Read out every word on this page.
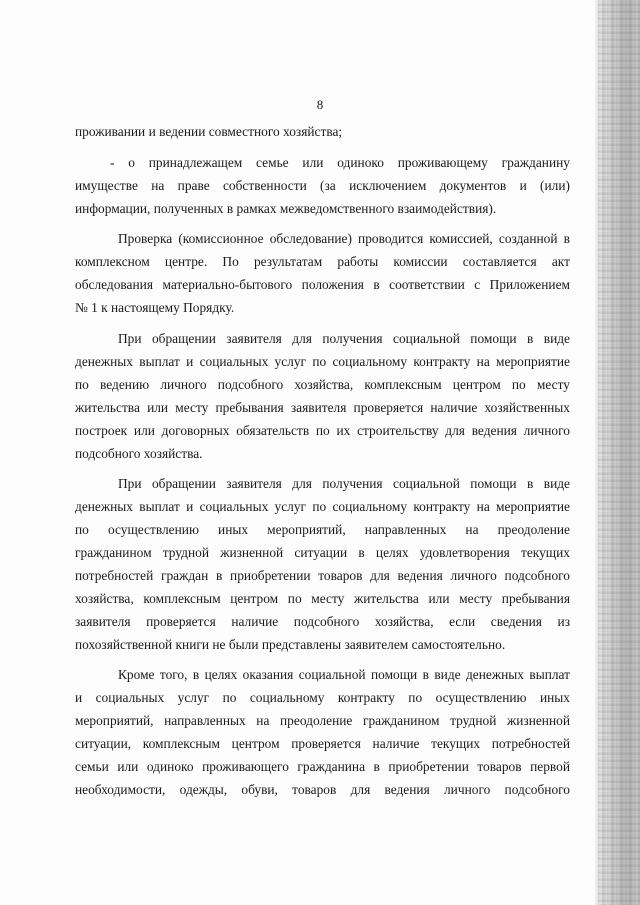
8
проживании и ведении совместного хозяйства;
- о принадлежащем семье или одиноко проживающему гражданину
имуществе на праве собственности (за исключением документов и (или)
информации, полученных в рамках межведомственного взаимодействия).
Проверка (комиссионное обследование) проводится комиссией, созданной в
комплексном центре. По результатам работы комиссии составляется акт
обследования материально-бытового положения в соответствии с Приложением
№ 1 к настоящему Порядку.
При обращении заявителя для получения социальной помощи в виде
денежных выплат и социальных услуг по социальному контракту на мероприятие
по ведению личного подсобного хозяйства, комплексным центром по месту
жительства или месту пребывания заявителя проверяется наличие хозяйственных
построек или договорных обязательств по их строительству для ведения личного
подсобного хозяйства.
При обращении заявителя для получения социальной помощи в виде
денежных выплат и социальных услуг по социальному контракту на мероприятие
по осуществлению иных мероприятий, направленных на преодоление
гражданином трудной жизненной ситуации в целях удовлетворения текущих
потребностей граждан в приобретении товаров для ведения личного подсобного
хозяйства, комплексным центром по месту жительства или месту пребывания
заявителя проверяется наличие подсобного хозяйства, если сведения из
похозяйственной книги не были представлены заявителем самостоятельно.
Кроме того, в целях оказания социальной помощи в виде денежных выплат
и социальных услуг по социальному контракту по осуществлению иных
мероприятий, направленных на преодоление гражданином трудной жизненной
ситуации, комплексным центром проверяется наличие текущих потребностей
семьи или одиноко проживающего гражданина в приобретении товаров первой
необходимости, одежды, обуви, товаров для ведения личного подсобного
